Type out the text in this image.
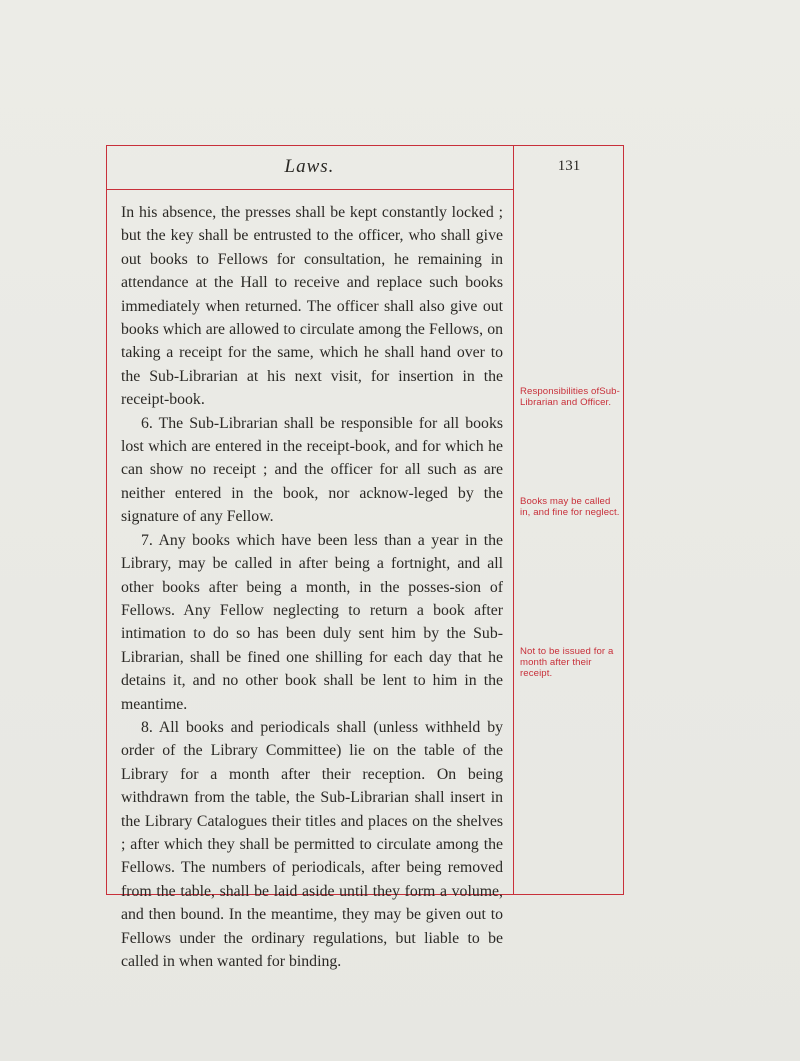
Laws.	131

In his absence, the presses shall be kept constantly locked ; but the key shall be entrusted to the officer, who shall give out books to Fellows for consultation, he remaining in attendance at the Hall to receive and replace such books immediately when returned. The officer shall also give out books which are allowed to circulate among the Fellows, on taking a receipt for the same, which he shall hand over to the Sub-Librarian at his next visit, for insertion in the receipt-book.

6. The Sub-Librarian shall be responsible for all books lost which are entered in the receipt-book, and for which he can show no receipt ; and the officer for all such as are neither entered in the book, nor acknow-leged by the signature of any Fellow.

7. Any books which have been less than a year in the Library, may be called in after being a fortnight, and all other books after being a month, in the posses-sion of Fellows. Any Fellow neglecting to return a book after intimation to do so has been duly sent him by the Sub-Librarian, shall be fined one shilling for each day that he detains it, and no other book shall be lent to him in the meantime.

8. All books and periodicals shall (unless withheld by order of the Library Committee) lie on the table of the Library for a month after their reception. On being withdrawn from the table, the Sub-Librarian shall insert in the Library Catalogues their titles and places on the shelves ; after which they shall be permitted to circulate among the Fellows. The numbers of periodicals, after being removed from the table, shall be laid aside until they form a volume, and then bound. In the meantime, they may be given out to Fellows under the ordinary regulations, but liable to be called in when wanted for binding.

Responsibilities ofSub-Librarian and Officer.
Books may be called in, and fine for neglect.
Not to be issued for a month after their receipt.
